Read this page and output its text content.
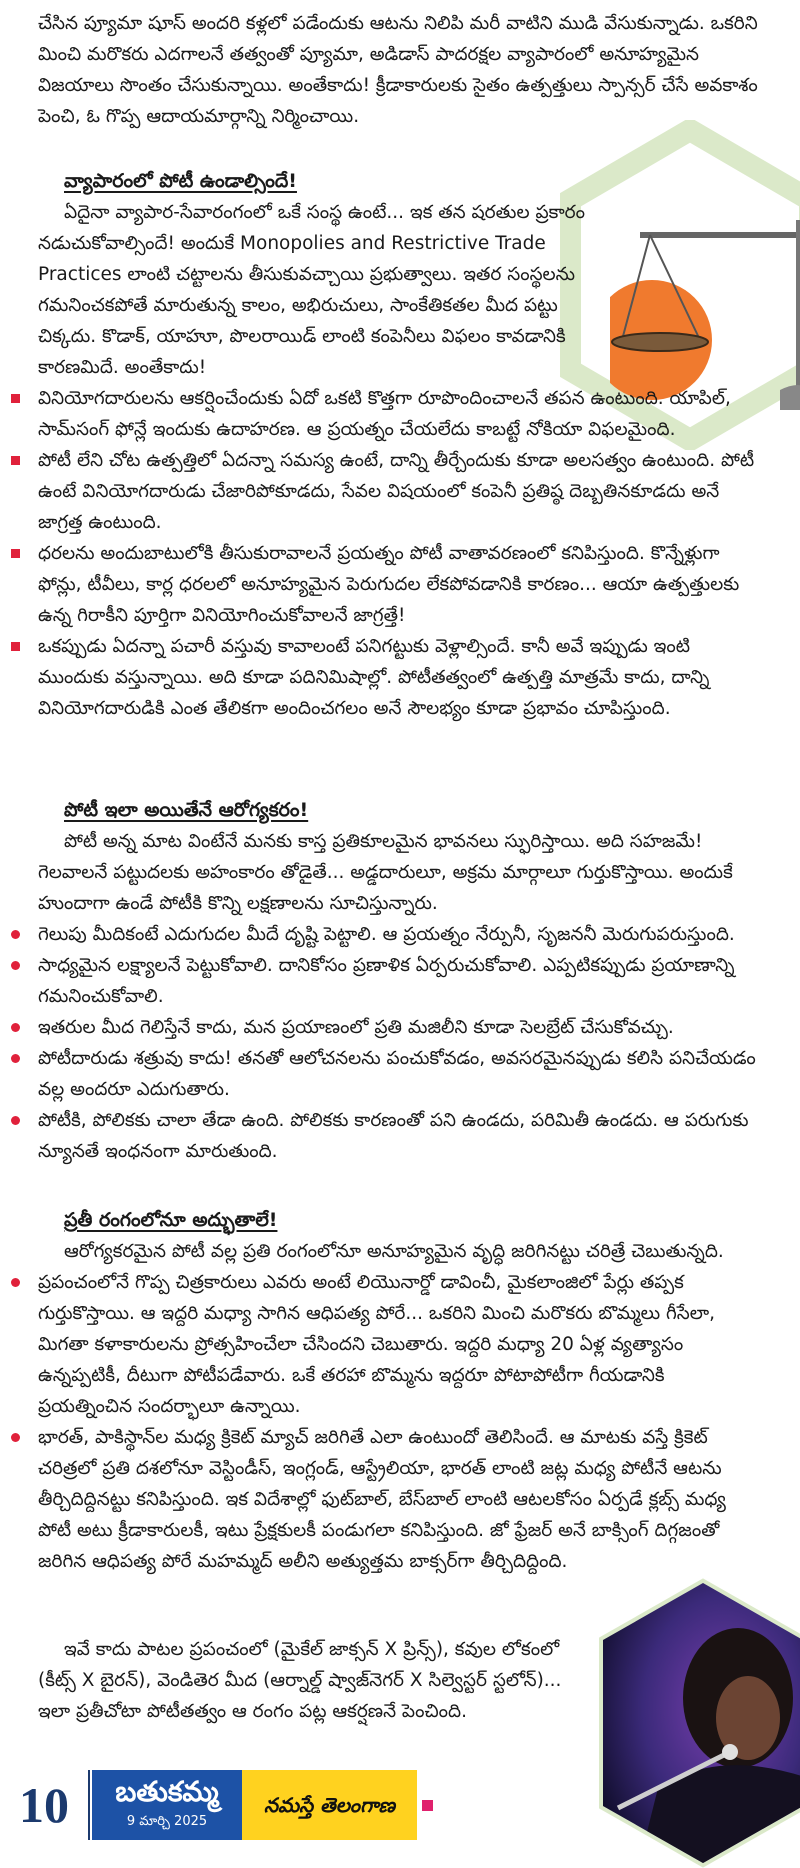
చేసిన ప్యూమా షూస్ అందరి కళ్లలో పడేందుకు ఆటను నిలిపి మరీ వాటిని ముడి వేసుకున్నాడు. ఒకరిని మించి మరొకరు ఎదగాలనే తత్వంతో ప్యూమా, అడిడాస్ పాదరక్షల వ్యాపారంలో అనూహ్యమైన విజయాలు సొంతం చేసుకున్నాయి. అంతేకాదు! క్రీడాకారులకు సైతం ఉత్పత్తులు స్పాన్సర్ చేసే అవకాశం పెంచి, ఓ గొప్ప ఆదాయమార్గాన్ని నిర్మించాయి.

వ్యాపారంలో పోటీ ఉండాల్సిందే!

ఏదైనా వ్యాపార-సేవారంగంలో ఒకే సంస్థ ఉంటే... ఇక తన షరతుల ప్రకారం నడుచుకోవాల్సిందే! అందుకే Monopolies and Restrictive Trade Practices లాంటి చట్టాలను తీసుకువచ్చాయి ప్రభుత్వాలు. ఇతర సంస్థలను గమనించకపోతే మారుతున్న కాలం, అభిరుచులు, సాంకేతికతల మీద పట్టు చిక్కదు. కొడాక్, యాహూ, పొలరాయిడ్ లాంటి కంపెనీలు విఫలం కావడానికి కారణమిదే. అంతేకాదు!

వినియోగదారులను ఆకర్షించేందుకు ఏదో ఒకటి కొత్తగా రూపొందించాలనే తపన ఉంటుంది. యాపిల్, సామ్‌సంగ్ ఫోన్లే ఇందుకు ఉదాహరణ. ఆ ప్రయత్నం చేయలేదు కాబట్టే నోకియా విఫలమైంది.
పోటీ లేని చోట ఉత్పత్తిలో ఏదన్నా సమస్య ఉంటే, దాన్ని తీర్చేందుకు కూడా అలసత్వం ఉంటుంది. పోటీ ఉంటే వినియోగదారుడు చేజారిపోకూడదు, సేవల విషయంలో కంపెనీ ప్రతిష్ఠ దెబ్బతినకూడదు అనే జాగ్రత్త ఉంటుంది.
ధరలను అందుబాటులోకి తీసుకురావాలనే ప్రయత్నం పోటీ వాతావరణంలో కనిపిస్తుంది. కొన్నేళ్లుగా ఫోన్లు, టీవీలు, కార్ల ధరలలో అనూహ్యమైన పెరుగుదల లేకపోవడానికి కారణం... ఆయా ఉత్పత్తులకు ఉన్న గిరాకీని పూర్తిగా వినియోగించుకోవాలనే జాగ్రత్తే!
ఒకప్పుడు ఏదన్నా పచారీ వస్తువు కావాలంటే పనిగట్టుకు వెళ్లాల్సిందే. కానీ అవే ఇప్పుడు ఇంటి ముందుకు వస్తున్నాయి. అది కూడా పదినిమిషాల్లో. పోటీతత్వంలో ఉత్పత్తి మాత్రమే కాదు, దాన్ని వినియోగదారుడికి ఎంత తేలికగా అందించగలం అనే సౌలభ్యం కూడా ప్రభావం చూపిస్తుంది.
పోటీ ఇలా అయితేనే ఆరోగ్యకరం!

పోటీ అన్న మాట వింటేనే మనకు కాస్త ప్రతికూలమైన భావనలు స్ఫురిస్తాయి. అది సహజమే! గెలవాలనే పట్టుదలకు అహంకారం తోడైతే... అడ్డదారులూ, అక్రమ మార్గాలూ గుర్తుకొస్తాయి. అందుకే హుందాగా ఉండే పోటీకి కొన్ని లక్షణాలను సూచిస్తున్నారు.

గెలుపు మీదికంటే ఎదుగుదల మీదే దృష్టి పెట్టాలి. ఆ ప్రయత్నం నేర్పునీ, సృజననీ మెరుగుపరుస్తుంది.
సాధ్యమైన లక్ష్యాలనే పెట్టుకోవాలి. దానికోసం ప్రణాళిక ఏర్పరుచుకోవాలి. ఎప్పటికప్పుడు ప్రయాణాన్ని గమనించుకోవాలి.
ఇతరుల మీద గెలిస్తేనే కాదు, మన ప్రయాణంలో ప్రతి మజిలీని కూడా సెలబ్రేట్ చేసుకోవచ్చు.
పోటీదారుడు శత్రువు కాదు! తనతో ఆలోచనలను పంచుకోవడం, అవసరమైనప్పుడు కలిసి పనిచేయడం వల్ల అందరూ ఎదుగుతారు.
పోటీకి, పోలికకు చాలా తేడా ఉంది. పోలికకు కారణంతో పని ఉండదు, పరిమితీ ఉండదు. ఆ పరుగుకు న్యూనతే ఇంధనంగా మారుతుంది.
ప్రతీ రంగంలోనూ అద్భుతాలే!

ఆరోగ్యకరమైన పోటీ వల్ల ప్రతి రంగంలోనూ అనూహ్యమైన వృద్ధి జరిగినట్టు చరిత్రే చెబుతున్నది.

ప్రపంచంలోనే గొప్ప చిత్రకారులు ఎవరు అంటే లియొనార్డో డావించీ, మైకలాంజిలో పేర్లు తప్పక గుర్తుకొస్తాయి. ఆ ఇద్దరి మధ్యా సాగిన ఆధిపత్య పోరే... ఒకరిని మించి మరొకరు బొమ్మలు గీసేలా, మిగతా కళాకారులను ప్రోత్సహించేలా చేసిందని చెబుతారు. ఇద్దరి మధ్యా 20 ఏళ్ల వ్యత్యాసం ఉన్నప్పటికీ, దీటుగా పోటీపడేవారు. ఒకే తరహా బొమ్మను ఇద్దరూ పోటాపోటీగా గీయడానికి ప్రయత్నించిన సందర్భాలూ ఉన్నాయి.
భారత్, పాకిస్థాన్‌ల మధ్య క్రికెట్ మ్యాచ్ జరిగితే ఎలా ఉంటుందో తెలిసిందే. ఆ మాటకు వస్తే క్రికెట్ చరిత్రలో ప్రతి దశలోనూ వెస్టిండీస్, ఇంగ్లండ్, ఆస్ట్రేలియా, భారత్ లాంటి జట్ల మధ్య పోటీనే ఆటను తీర్చిదిద్దినట్టు కనిపిస్తుంది. ఇక విదేశాల్లో ఫుట్‌బాల్, బేస్‌బాల్ లాంటి ఆటలకోసం ఏర్పడే క్లబ్స్ మధ్య పోటీ అటు క్రీడాకారులకీ, ఇటు ప్రేక్షకులకీ పండుగలా కనిపిస్తుంది. జో ఫ్రేజర్ అనే బాక్సింగ్ దిగ్గజంతో జరిగిన ఆధిపత్య పోరే మహమ్మద్ అలీని అత్యుత్తమ బాక్సర్‌గా తీర్చిదిద్దింది.

ఇవే కాదు పాటల ప్రపంచంలో (మైకేల్ జాక్సన్ X ప్రిన్స్), కవుల లోకంలో (కీట్స్ X బైరన్), వెండితెర మీద (ఆర్నాల్డ్ ష్వాజ్‌నెగర్ X సిల్వెస్టర్ స్టలోన్)... ఇలా ప్రతీచోటా పోటీతత్వం ఆ రంగం పట్ల ఆకర్షణనే పెంచింది.

10	బతుకమ్మ
9 మార్చి 2025
నమస్తే తెలంగాణ
